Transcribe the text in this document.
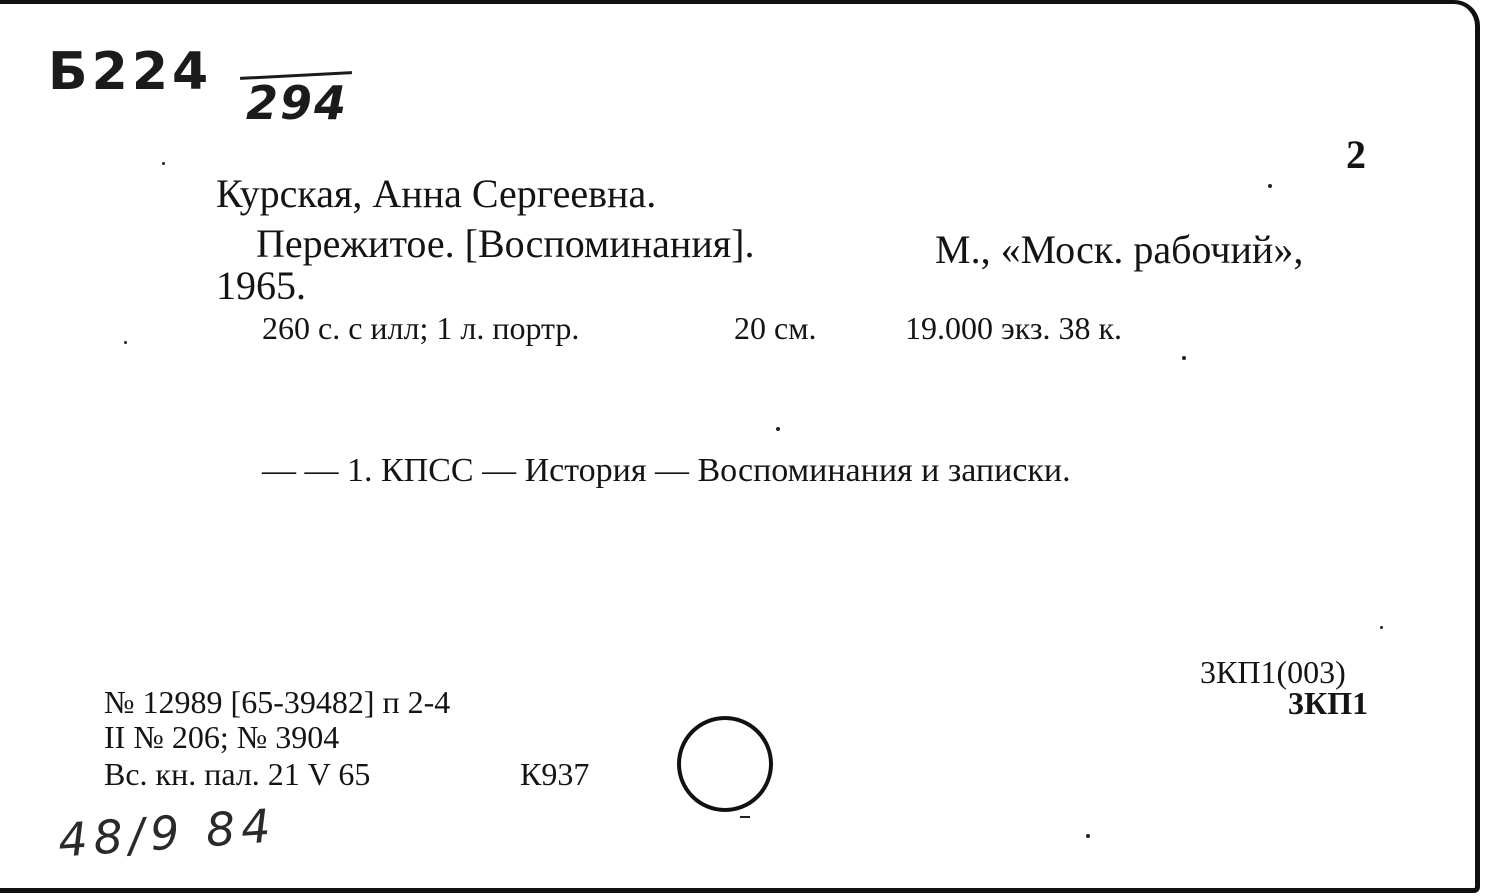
Б224
294
2
Курская, Анна Сергеевна.
Пережитое. [Воспоминания].	М., «Моск. рабочий»,
1965.
260 с. с илл; 1 л. портр.	20 см.	19.000 экз. 38 к.
— — 1. КПСС — История — Воспоминания и записки.
3КП1(003)
3КП1
№ 12989 [65-39482] п 2-4
II № 206; № 3904
Вс. кн. пал. 21 V 65	К937
48/9 84
